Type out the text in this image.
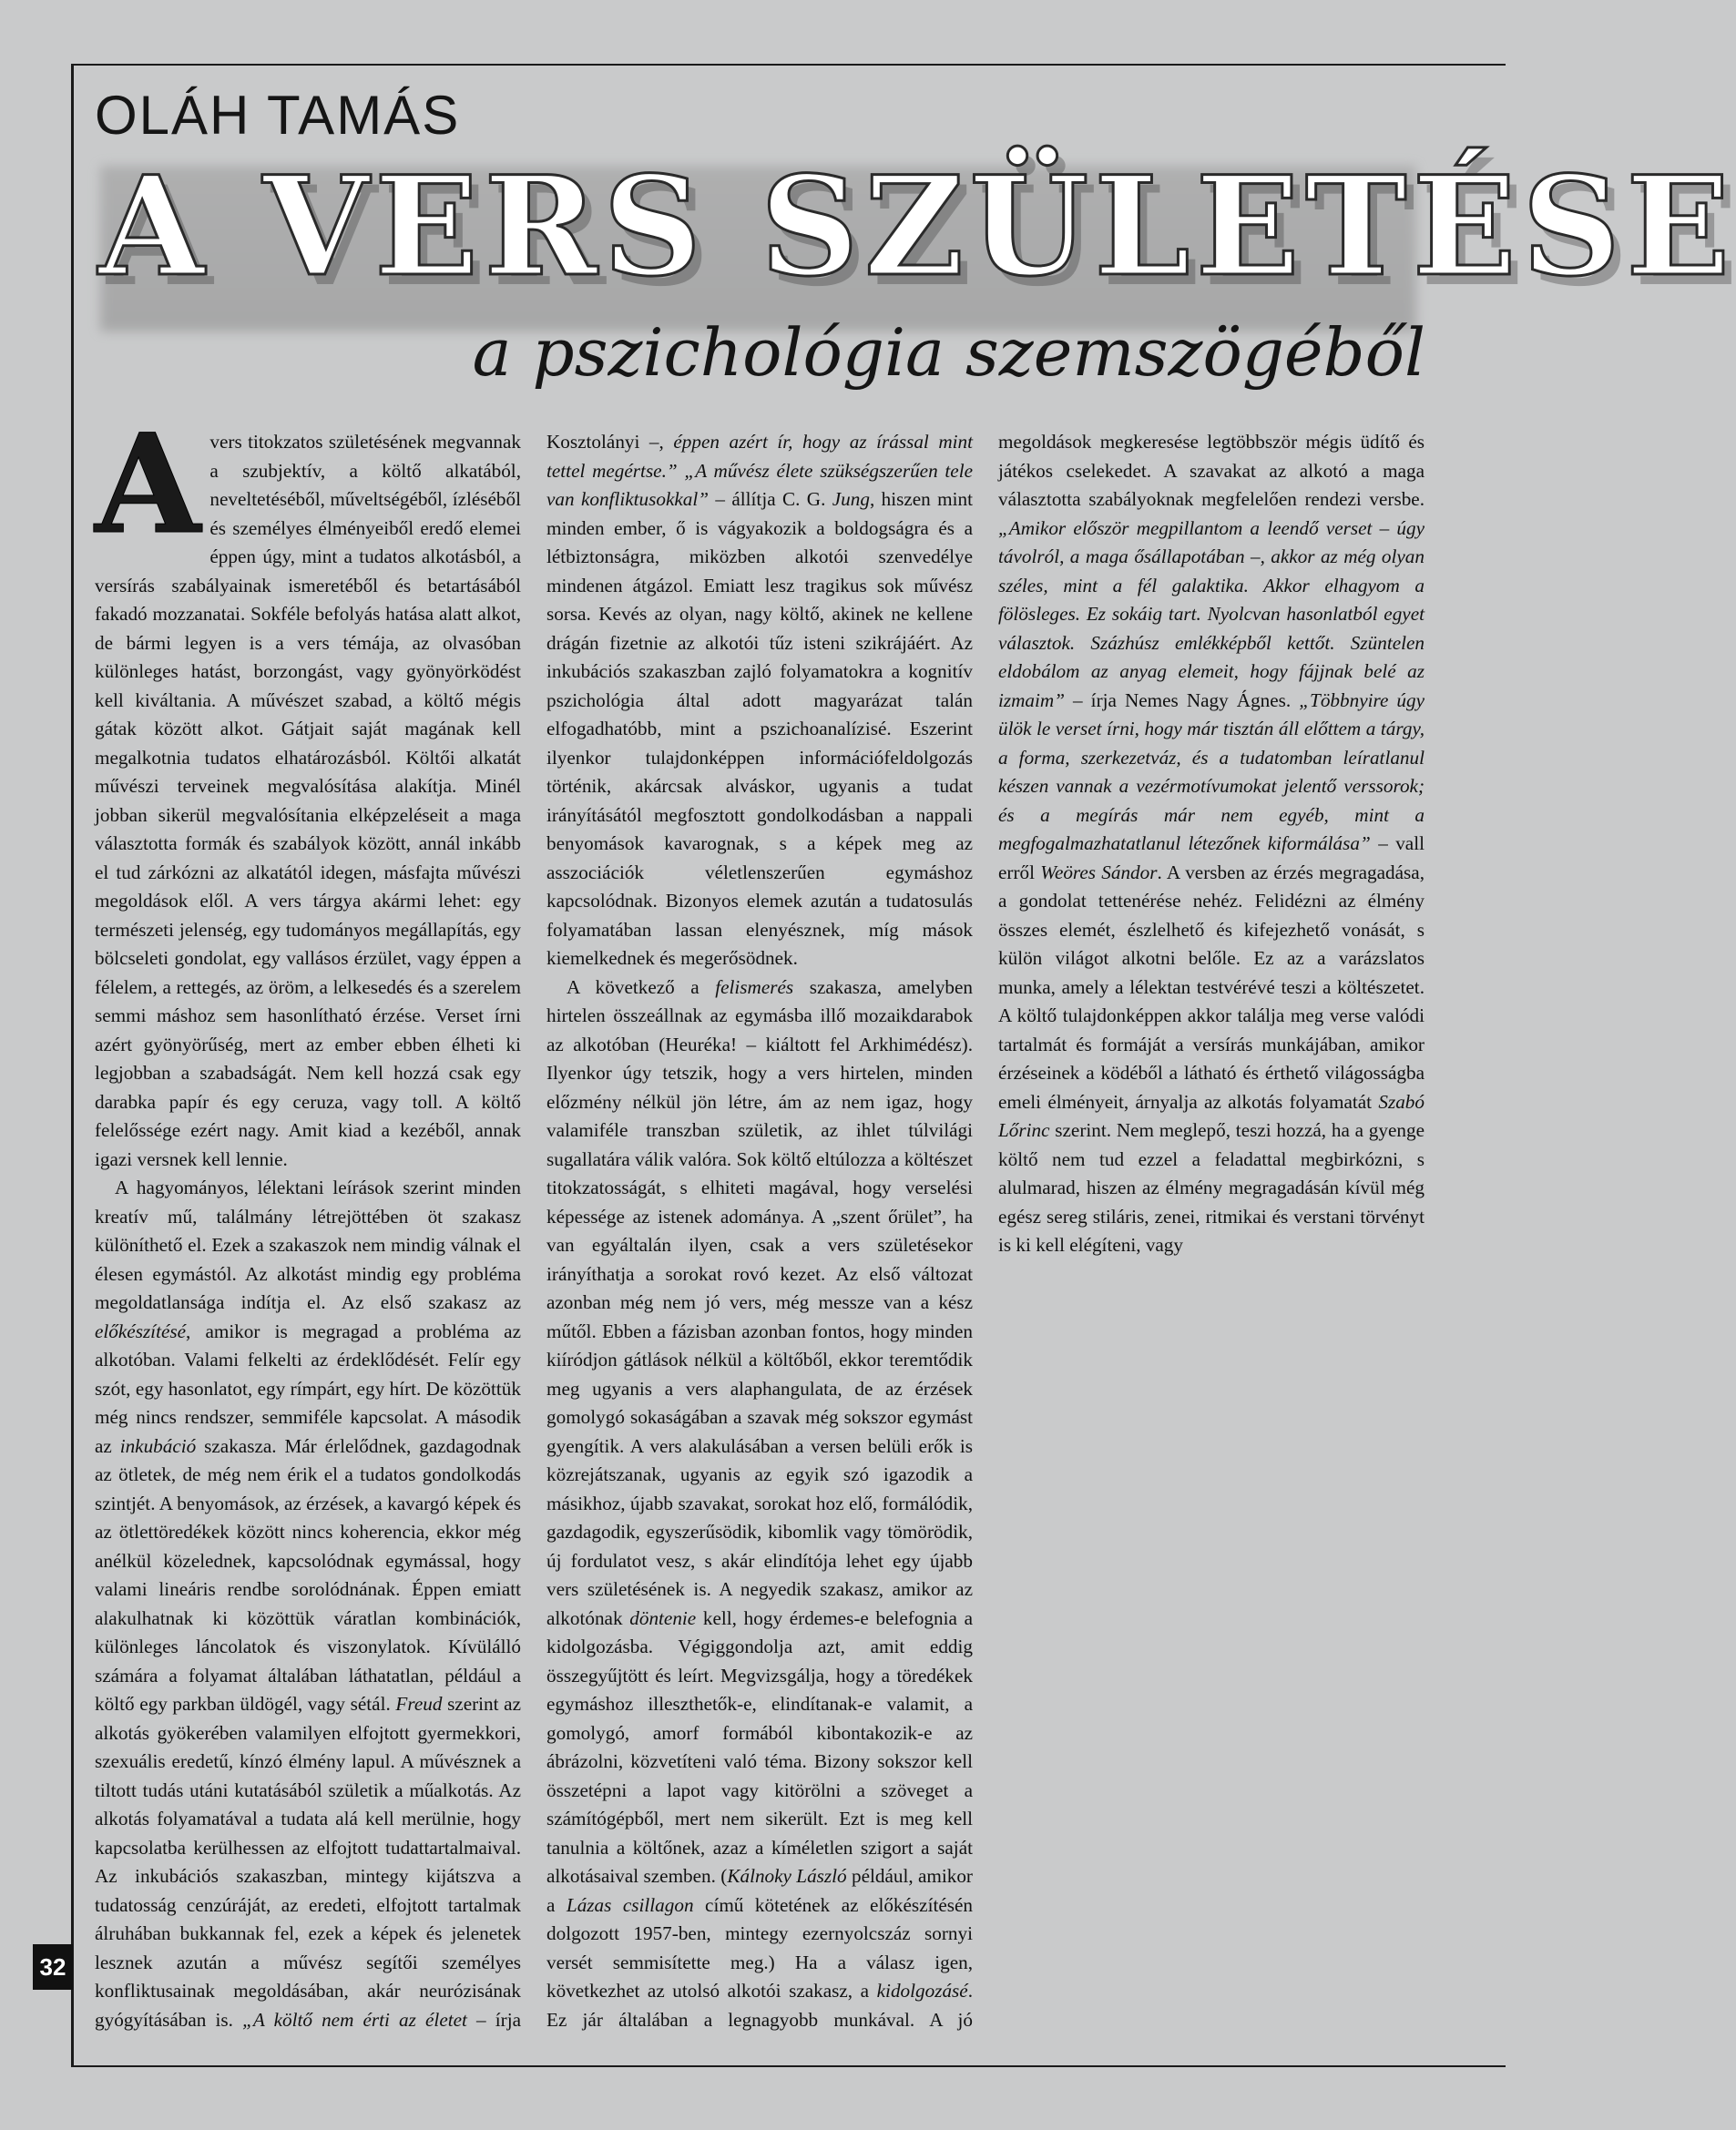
OLÁH TAMÁS
A VERS SZÜLETÉSE
a pszichológia szemszögéből

A vers titokzatos születésének megvannak a szubjektív, a költő alkatából, neveltetéséből, műveltségéből, ízléséből és személyes élményeiből eredő elemei éppen úgy, mint a tudatos alkotásból, a versírás szabályainak ismeretéből és betartásából fakadó mozzanatai. Sokféle befolyás hatása alatt alkot, de bármi legyen is a vers témája, az olvasóban különleges hatást, borzongást, vagy gyönyörködést kell kiváltania. A művészet szabad, a költő mégis gátak között alkot. Gátjait saját magának kell megalkotnia tudatos elhatározásból. Költői alkatát művészi terveinek megvalósítása alakítja. Minél jobban sikerül megvalósítania elképzeléseit a maga választotta formák és szabályok között, annál inkább el tud zárkózni az alkatától idegen, másfajta művészi megoldások elől. A vers tárgya akármi lehet: egy természeti jelenség, egy tudományos megállapítás, egy bölcseleti gondolat, egy vallásos érzület, vagy éppen a félelem, a rettegés, az öröm, a lelkesedés és a szerelem semmi máshoz sem hasonlítható érzése. Verset írni azért gyönyörűség, mert az ember ebben élheti ki legjobban a szabadságát. Nem kell hozzá csak egy darabka papír és egy ceruza, vagy toll. A költő felelőssége ezért nagy. Amit kiad a kezéből, annak igazi versnek kell lennie.

A hagyományos, lélektani leírások szerint minden kreatív mű, találmány létrejöttében öt szakasz különíthető el. Ezek a szakaszok nem mindig válnak el élesen egymástól. Az alkotást mindig egy probléma megoldatlansága indítja el. Az első szakasz az előkészítésé, amikor is megragad a probléma az alkotóban. Valami felkelti az érdeklődését. Felír egy szót, egy hasonlatot, egy rímpárt, egy hírt. De közöttük még nincs rendszer, semmiféle kapcsolat. A második az inkubáció szakasza. Már érlelődnek, gazdagodnak az ötletek, de még nem érik el a tudatos gondolkodás szintjét. A benyomások, az érzések, a kavargó képek és az ötlettöredékek között nincs koherencia, ekkor még anélkül közelednek, kapcsolódnak egymással, hogy valami lineáris rendbe sorolódnának. Éppen emiatt alakulhatnak ki közöttük váratlan kombinációk, különleges láncolatok és viszonylatok. Kívülálló számára a folyamat általában láthatatlan, például a költő egy parkban üldögél, vagy sétál. Freud szerint az alkotás gyökerében valamilyen elfojtott gyermekkori, szexuális eredetű, kínzó élmény lapul. A művésznek a tiltott tudás utáni kutatásából születik a műalkotás. Az alkotás folyamatával a tudata alá kell merülnie, hogy kapcsolatba kerülhessen az elfojtott tudattartalmaival. Az inkubációs szakaszban, mintegy kijátszva a tudatosság cenzúráját, az eredeti, elfojtott tartalmak álruhában bukkannak fel, ezek a képek és jelenetek lesznek azután a művész segítői személyes konfliktusainak megoldásában, akár neurózisának gyógyításában is. „A költő nem érti az életet – írja Kosztolányi –, éppen azért ír, hogy az írással mint tettel megértse.” „A művész élete szükségszerűen tele van konfliktusokkal” – állítja C. G. Jung, hiszen mint minden ember, ő is vágyakozik a boldogságra és a létbiztonságra, miközben alkotói szenvedélye mindenen átgázol. Emiatt lesz tragikus sok művész sorsa. Kevés az olyan, nagy költő, akinek ne kellene drágán fizetnie az alkotói tűz isteni szikrájáért. Az inkubációs szakaszban zajló folyamatokra a kognitív pszichológia által adott magyarázat talán elfogadhatóbb, mint a pszichoanalízisé. Eszerint ilyenkor tulajdonképpen információfeldolgozás történik, akárcsak alváskor, ugyanis a tudat irányításától megfosztott gondolkodásban a nappali benyomások kavarognak, s a képek meg az asszociációk véletlenszerűen egymáshoz kapcsolódnak. Bizonyos elemek azután a tudatosulás folyamatában lassan elenyésznek, míg mások kiemelkednek és megerősödnek.

A következő a felismerés szakasza, amelyben hirtelen összeállnak az egymásba illő mozaikdarabok az alkotóban (Heuréka! – kiáltott fel Arkhimédész). Ilyenkor úgy tetszik, hogy a vers hirtelen, minden előzmény nélkül jön létre, ám az nem igaz, hogy valamiféle transzban születik, az ihlet túlvilági sugallatára válik valóra. Sok költő eltúlozza a költészet titokzatosságát, s elhiteti magával, hogy verselési képessége az istenek adománya. A „szent őrület”, ha van egyáltalán ilyen, csak a vers születésekor irányíthatja a sorokat rovó kezet. Az első változat azonban még nem jó vers, még messze van a kész műtől. Ebben a fázisban azonban fontos, hogy minden kiíródjon gátlások nélkül a költőből, ekkor teremtődik meg ugyanis a vers alaphangulata, de az érzések gomolygó sokaságában a szavak még sokszor egymást gyengítik. A vers alakulásában a versen belüli erők is közrejátszanak, ugyanis az egyik szó igazodik a másikhoz, újabb szavakat, sorokat hoz elő, formálódik, gazdagodik, egyszerűsödik, kibomlik vagy tömörödik, új fordulatot vesz, s akár elindítója lehet egy újabb vers születésének is. A negyedik szakasz, amikor az alkotónak döntenie kell, hogy érdemes-e belefognia a kidolgozásba. Végiggondolja azt, amit eddig összegyűjtött és leírt. Megvizsgálja, hogy a töredékek egymáshoz illeszthetők-e, elindítanak-e valamit, a gomolygó, amorf formából kibontakozik-e az ábrázolni, közvetíteni való téma. Bizony sokszor kell összetépni a lapot vagy kitörölni a szöveget a számítógépből, mert nem sikerült. Ezt is meg kell tanulnia a költőnek, azaz a kíméletlen szigort a saját alkotásaival szemben. (Kálnoky László például, amikor a Lázas csillagon című kötetének az előkészítésén dolgozott 1957-ben, mintegy ezernyolcszáz sornyi versét semmisítette meg.) Ha a válasz igen, következhet az utolsó alkotói szakasz, a kidolgozásé. Ez jár általában a legnagyobb munkával. A jó megoldások megkeresése legtöbbször mégis üdítő és játékos cselekedet. A szavakat az alkotó a maga választotta szabályoknak megfelelően rendezi versbe. „Amikor először megpillantom a leendő verset – úgy távolról, a maga ősállapotában –, akkor az még olyan széles, mint a fél galaktika. Akkor elhagyom a fölösleges. Ez sokáig tart. Nyolcvan hasonlatból egyet választok. Százhúsz emlékképből kettőt. Szüntelen eldobálom az anyag elemeit, hogy fájjnak belé az izmaim” – írja Nemes Nagy Ágnes. „Többnyire úgy ülök le verset írni, hogy már tisztán áll előttem a tárgy, a forma, szerkezetváz, és a tudatomban leíratlanul készen vannak a vezérmotívumokat jelentő verssorok; és a megírás már nem egyéb, mint a megfogalmazhatatlanul létezőnek kiformálása” – vall erről Weöres Sándor. A versben az érzés megragadása, a gondolat tettenérése nehéz. Felidézni az élmény összes elemét, észlelhető és kifejezhető vonását, s külön világot alkotni belőle. Ez az a varázslatos munka, amely a lélektan testvérévé teszi a költészetet. A költő tulajdonképpen akkor találja meg verse valódi tartalmát és formáját a versírás munkájában, amikor érzéseinek a ködéből a látható és érthető világosságba emeli élményeit, árnyalja az alkotás folyamatát Szabó Lőrinc szerint. Nem meglepő, teszi hozzá, ha a gyenge költő nem tud ezzel a feladattal megbirkózni, s alulmarad, hiszen az élmény megragadásán kívül még egész sereg stiláris, zenei, ritmikai és verstani törvényt is ki kell elégíteni, vagy

32
